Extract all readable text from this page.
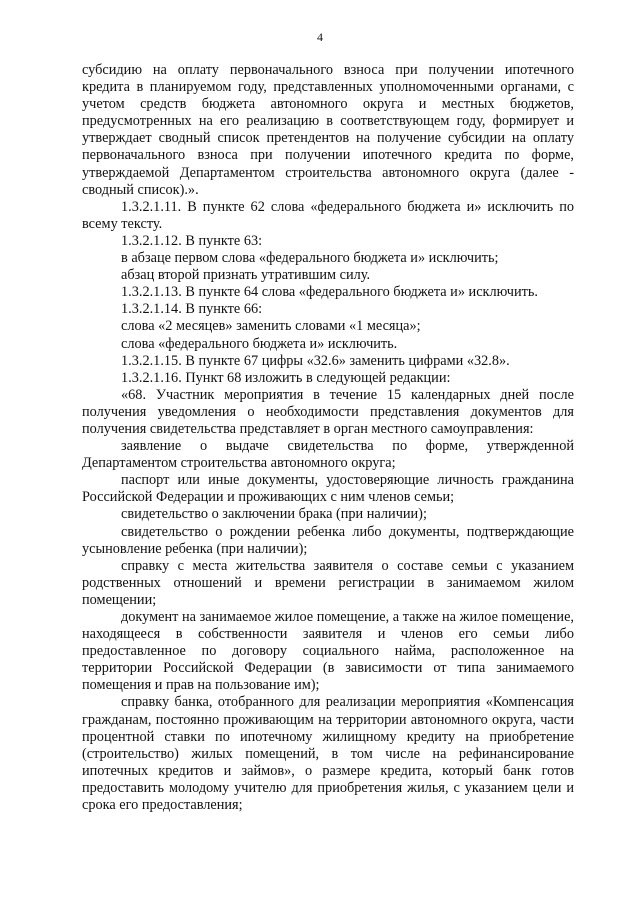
4

субсидию на оплату первоначального взноса при получении ипотечного кредита в планируемом году, представленных уполномоченными органами, с учетом средств бюджета автономного округа и местных бюджетов, предусмотренных на его реализацию в соответствующем году, формирует и утверждает сводный список претендентов на получение субсидии на оплату первоначального взноса при получении ипотечного кредита по форме, утверждаемой Департаментом строительства автономного округа (далее - сводный список).».

1.3.2.1.11. В пункте 62 слова «федерального бюджета и» исключить по всему тексту.

1.3.2.1.12. В пункте 63:

в абзаце первом слова «федерального бюджета и» исключить;

абзац второй признать утратившим силу.

1.3.2.1.13. В пункте 64 слова «федерального бюджета и» исключить.

1.3.2.1.14. В пункте 66:

слова «2 месяцев» заменить словами «1 месяца»;

слова «федерального бюджета и» исключить.

1.3.2.1.15. В пункте 67 цифры «32.6» заменить цифрами «32.8».

1.3.2.1.16. Пункт 68 изложить в следующей редакции:

«68. Участник мероприятия в течение 15 календарных дней после получения уведомления о необходимости представления документов для получения свидетельства представляет в орган местного самоуправления:

заявление о выдаче свидетельства по форме, утвержденной Департаментом строительства автономного округа;

паспорт или иные документы, удостоверяющие личность гражданина Российской Федерации и проживающих с ним членов семьи;

свидетельство о заключении брака (при наличии);

свидетельство о рождении ребенка либо документы, подтверждающие усыновление ребенка (при наличии);

справку с места жительства заявителя о составе семьи с указанием родственных отношений и времени регистрации в занимаемом жилом помещении;

документ на занимаемое жилое помещение, а также на жилое помещение, находящееся в собственности заявителя и членов его семьи либо предоставленное по договору социального найма, расположенное на территории Российской Федерации (в зависимости от типа занимаемого помещения и прав на пользование им);

справку банка, отобранного для реализации мероприятия «Компенсация гражданам, постоянно проживающим на территории автономного округа, части процентной ставки по ипотечному жилищному кредиту на приобретение (строительство) жилых помещений, в том числе на рефинансирование ипотечных кредитов и займов», о размере кредита, который банк готов предоставить молодому учителю для приобретения жилья, с указанием цели и срока его предоставления;
